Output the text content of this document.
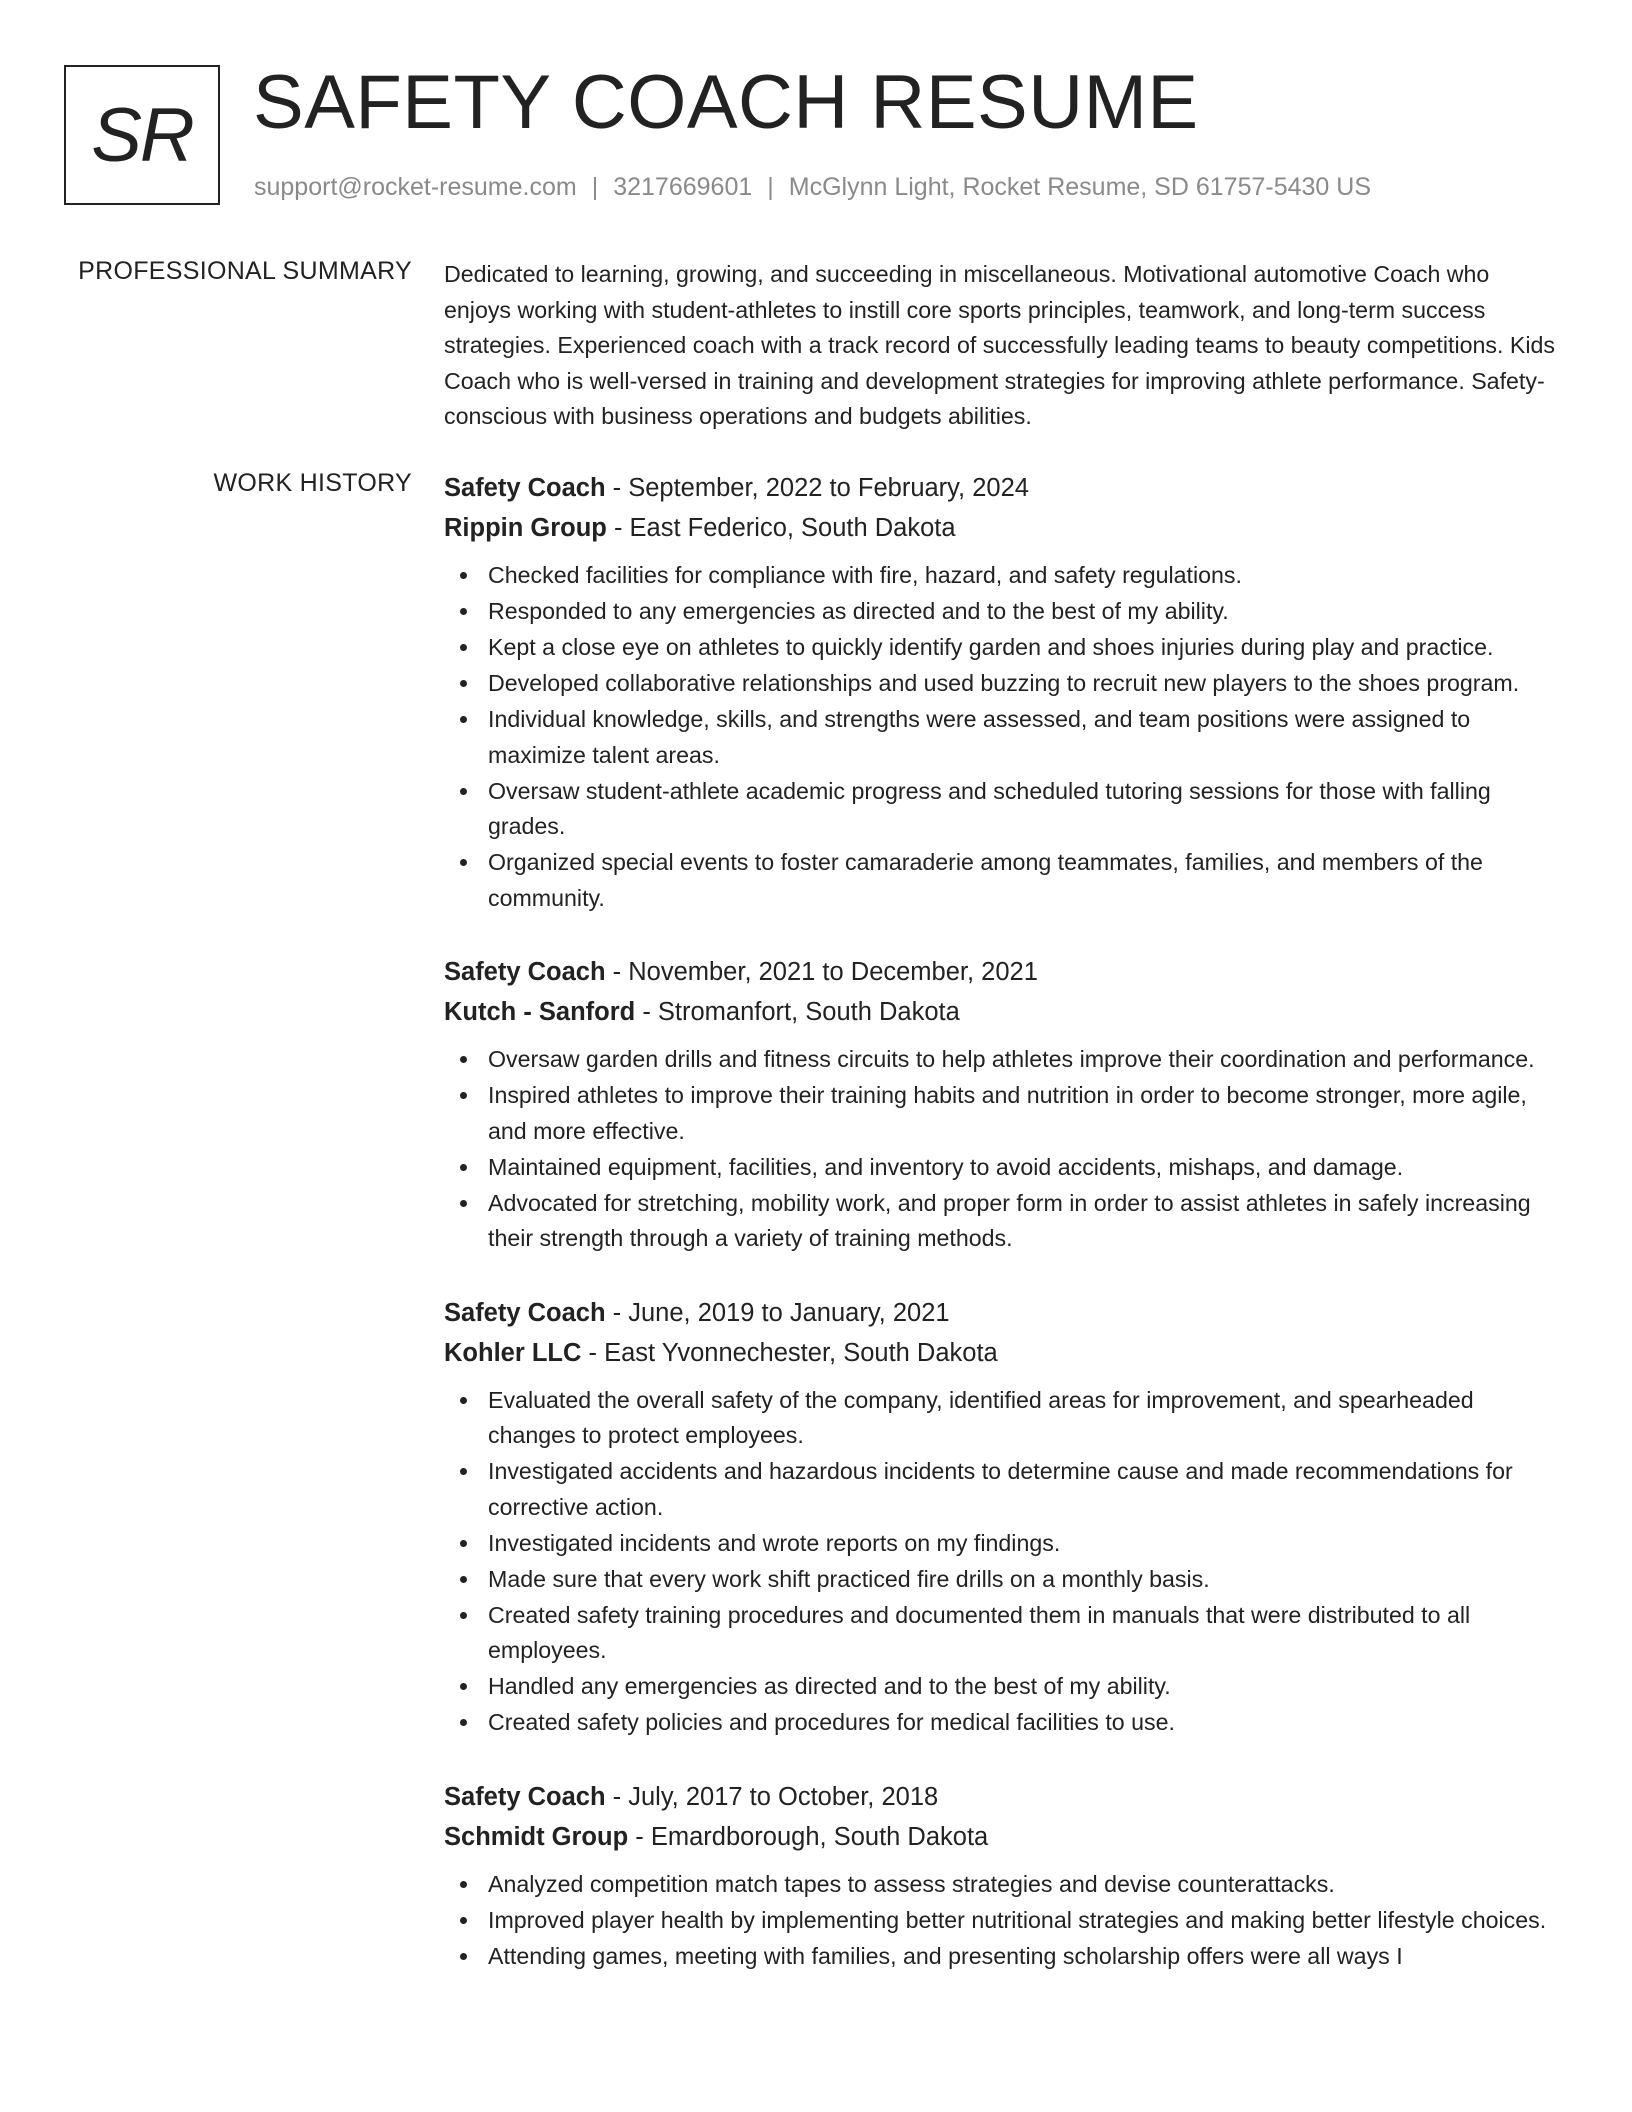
SR SAFETY COACH RESUME
support@rocket-resume.com | 3217669601 | McGlynn Light, Rocket Resume, SD 61757-5430 US
PROFESSIONAL SUMMARY Dedicated to learning, growing, and succeeding in miscellaneous. Motivational automotive Coach who enjoys working with student-athletes to instill core sports principles, teamwork, and long-term success strategies. Experienced coach with a track record of successfully leading teams to beauty competitions. Kids Coach who is well-versed in training and development strategies for improving athlete performance. Safety-conscious with business operations and budgets abilities.

WORK HISTORY Safety Coach - September, 2022 to February, 2024
Rippin Group - East Federico, South Dakota
Checked facilities for compliance with fire, hazard, and safety regulations.
Responded to any emergencies as directed and to the best of my ability.
Kept a close eye on athletes to quickly identify garden and shoes injuries during play and practice.
Developed collaborative relationships and used buzzing to recruit new players to the shoes program.
Individual knowledge, skills, and strengths were assessed, and team positions were assigned to maximize talent areas.
Oversaw student-athlete academic progress and scheduled tutoring sessions for those with falling grades.
Organized special events to foster camaraderie among teammates, families, and members of the community.
Safety Coach - November, 2021 to December, 2021
Kutch - Sanford - Stromanfort, South Dakota
Oversaw garden drills and fitness circuits to help athletes improve their coordination and performance.
Inspired athletes to improve their training habits and nutrition in order to become stronger, more agile, and more effective.
Maintained equipment, facilities, and inventory to avoid accidents, mishaps, and damage.
Advocated for stretching, mobility work, and proper form in order to assist athletes in safely increasing their strength through a variety of training methods.
Safety Coach - June, 2019 to January, 2021
Kohler LLC - East Yvonnechester, South Dakota
Evaluated the overall safety of the company, identified areas for improvement, and spearheaded changes to protect employees.
Investigated accidents and hazardous incidents to determine cause and made recommendations for corrective action.
Investigated incidents and wrote reports on my findings.
Made sure that every work shift practiced fire drills on a monthly basis.
Created safety training procedures and documented them in manuals that were distributed to all employees.
Handled any emergencies as directed and to the best of my ability.
Created safety policies and procedures for medical facilities to use.
Safety Coach - July, 2017 to October, 2018
Schmidt Group - Emardborough, South Dakota
Analyzed competition match tapes to assess strategies and devise counterattacks.
Improved player health by implementing better nutritional strategies and making better lifestyle choices.
Attending games, meeting with families, and presenting scholarship offers were all ways I
